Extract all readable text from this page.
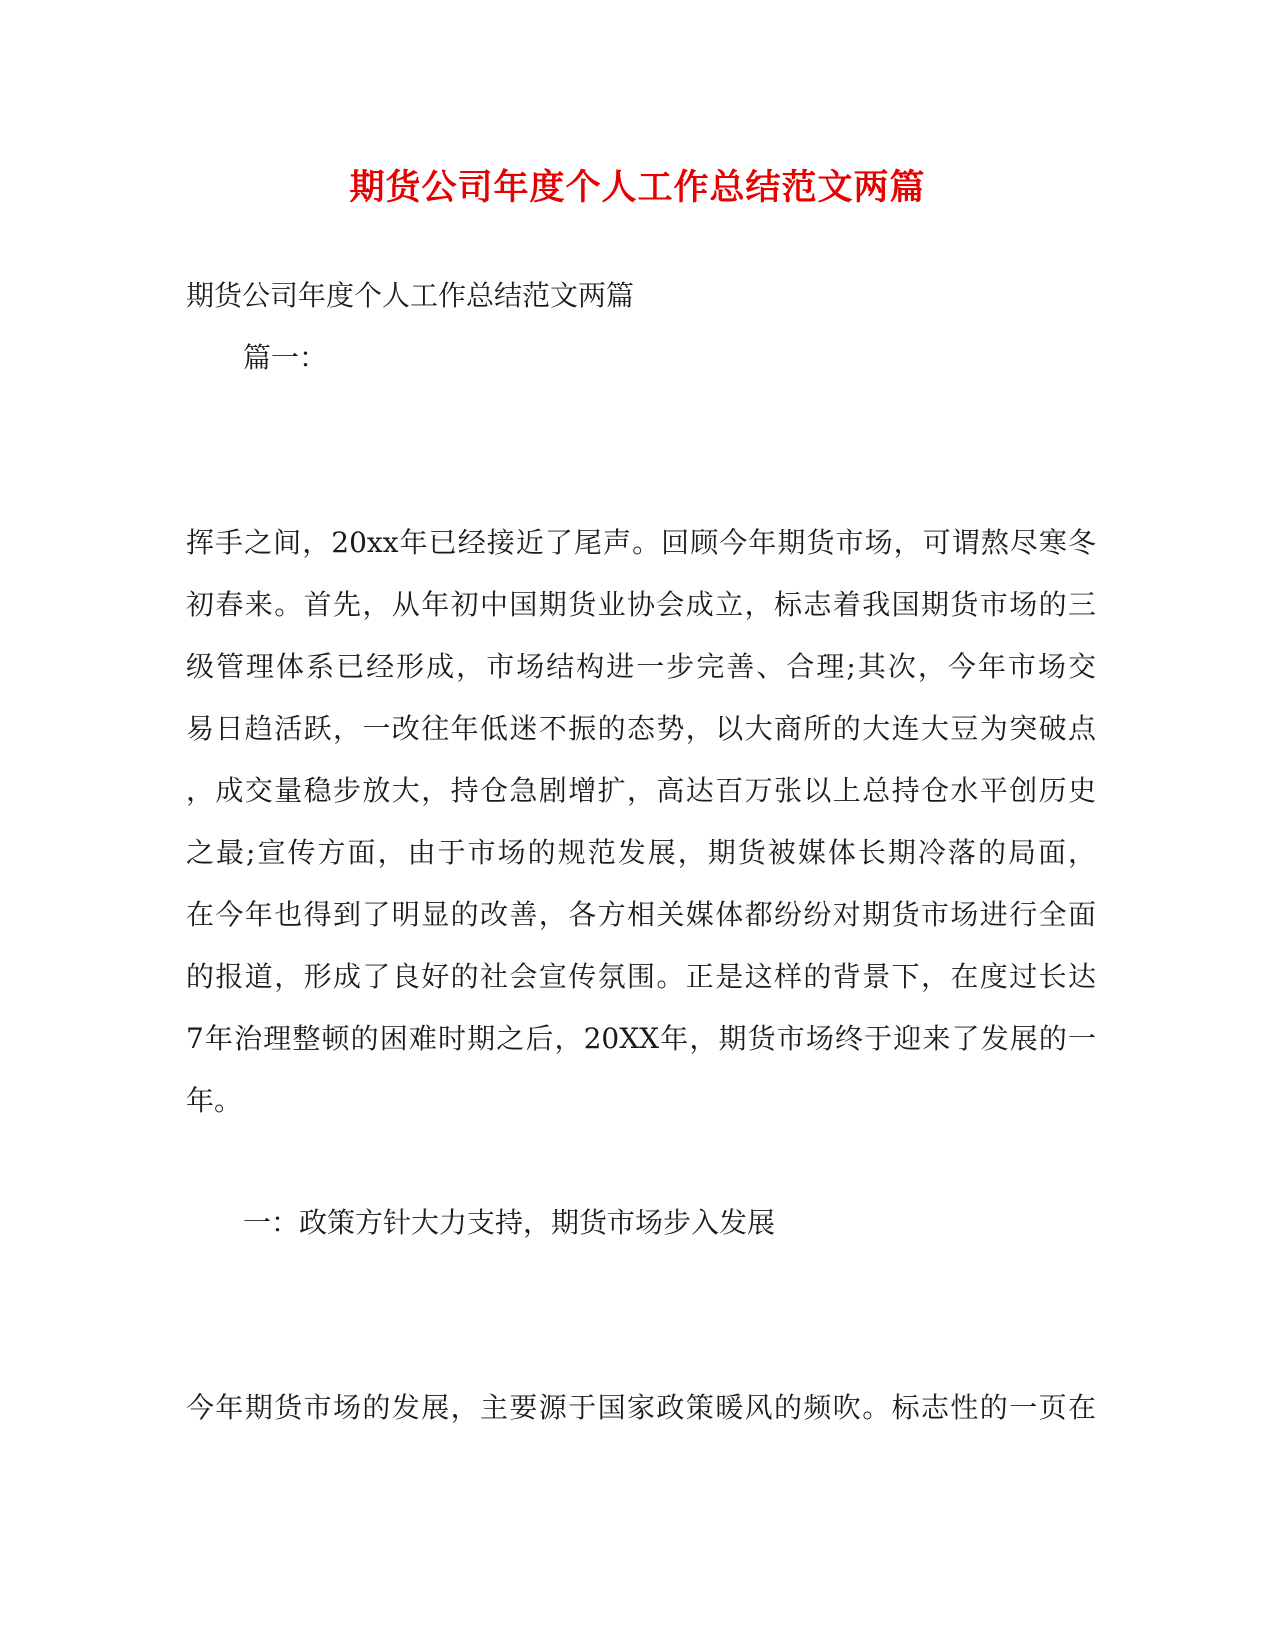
期货公司年度个人工作总结范文两篇

期货公司年度个人工作总结范文两篇

篇一：

挥手之间，20xx年已经接近了尾声。回顾今年期货市场，可谓熬尽寒冬

初春来。首先，从年初中国期货业协会成立，标志着我国期货市场的三

级管理体系已经形成，市场结构进一步完善、合理;其次，今年市场交

易日趋活跃，一改往年低迷不振的态势，以大商所的大连大豆为突破点

，成交量稳步放大，持仓急剧增扩，高达百万张以上总持仓水平创历史

之最;宣传方面，由于市场的规范发展，期货被媒体长期冷落的局面，

在今年也得到了明显的改善，各方相关媒体都纷纷对期货市场进行全面

的报道，形成了良好的社会宣传氛围。正是这样的背景下，在度过长达

7年治理整顿的困难时期之后，20XX年，期货市场终于迎来了发展的一

年。

一：政策方针大力支持，期货市场步入发展

今年期货市场的发展，主要源于国家政策暖风的频吹。标志性的一页在
